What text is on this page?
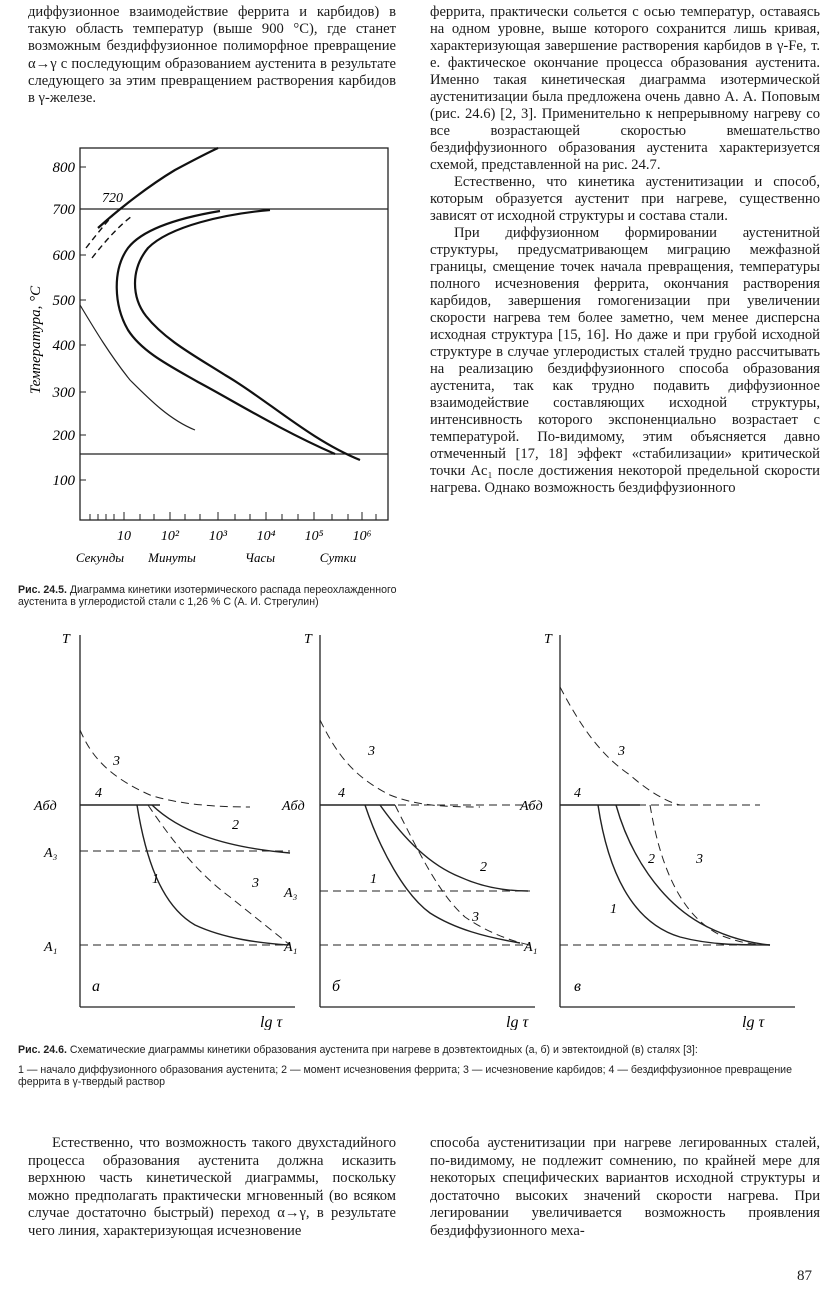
диффузионное взаимодействие феррита и карбидов) в такую область температур (выше 900 °С), где станет возможным бездиффузионное полиморфное превращение α→γ с последующим образованием аустенита в результате следующего за этим превращением растворения карбидов в γ-железе.

феррита, практически сольется с осью температур, оставаясь на одном уровне, выше которого сохранится лишь кривая, характеризующая завершение растворения карбидов в γ-Fe, т. е. фактическое окончание процесса образования аустенита. Именно такая кинетическая диаграмма изотермической аустенитизации была предложена очень давно А. А. Поповым (рис. 24.6) [2, 3]. Применительно к непрерывному нагреву со все возрастающей скоростью вмешательство бездиффузионного образования аустенита характеризуется схемой, представленной на рис. 24.7.

Естественно, что кинетика аустенитизации и способ, которым образуется аустенит при нагреве, существенно зависят от исходной структуры и состава стали.

При диффузионном формировании аустенитной структуры, предусматривающем миграцию межфазной границы, смещение точек начала превращения, температуры полного исчезновения феррита, окончания растворения карбидов, завершения гомогенизации при увеличении скорости нагрева тем более заметно, чем менее дисперсна исходная структура [15, 16]. Но даже и при грубой исходной структуре в случае углеродистых сталей трудно рассчитывать на реализацию бездиффузионного способа образования аустенита, так как трудно подавить диффузионное взаимодействие составляющих исходной структуры, интенсивность которого экспоненциально возрастает с температурой. По-видимому, этим объясняется давно отмеченный [17, 18] эффект «стабилизации» критической точки Ac₁ после достижения некоторой предельной скорости нагрева. Однако возможность бездиффузионного

720
800
700
600
500
400
300
200
100
Температура, °С
10 10² 10³ 10⁴ 10⁵ 10⁶
Секунды Минуты	Часы	Сутки
Рис. 24.5. Диаграмма кинетики изотермического распада переохлажденного аустенита в углеродистой стали с 1,26 % С (А. И. Стрегулин)
T
Aбд
A₃
A₁
1
2
3
4
3
а
T
Aбд
A₃
A₁
1
2
3
4
3
б
T
Aбд
A₁
1
2
3
4
3
в
lg τ	lg τ	lg τ
Рис. 24.6. Схематические диаграммы кинетики образования аустенита при нагреве в доэвтектоидных (а, б) и эвтектоидной (в) сталях [3]:
1 — начало диффузионного образования аустенита; 2 — момент исчезновения феррита; 3 — исчезновение карбидов; 4 — бездиффузионное превращение феррита в γ-твердый раствор

Естественно, что возможность такого двухстадийного процесса образования аустенита должна исказить верхнюю часть кинетической диаграммы, поскольку можно предполагать практически мгновенный (во всяком случае достаточно быстрый) переход α→γ, в результате чего линия, характеризующая исчезновение

способа аустенитизации при нагреве легированных сталей, по-видимому, не подлежит сомнению, по крайней мере для некоторых специфических вариантов исходной структуры и достаточно высоких значений скорости нагрева. При легировании увеличивается возможность проявления бездиффузионного меха-

87
